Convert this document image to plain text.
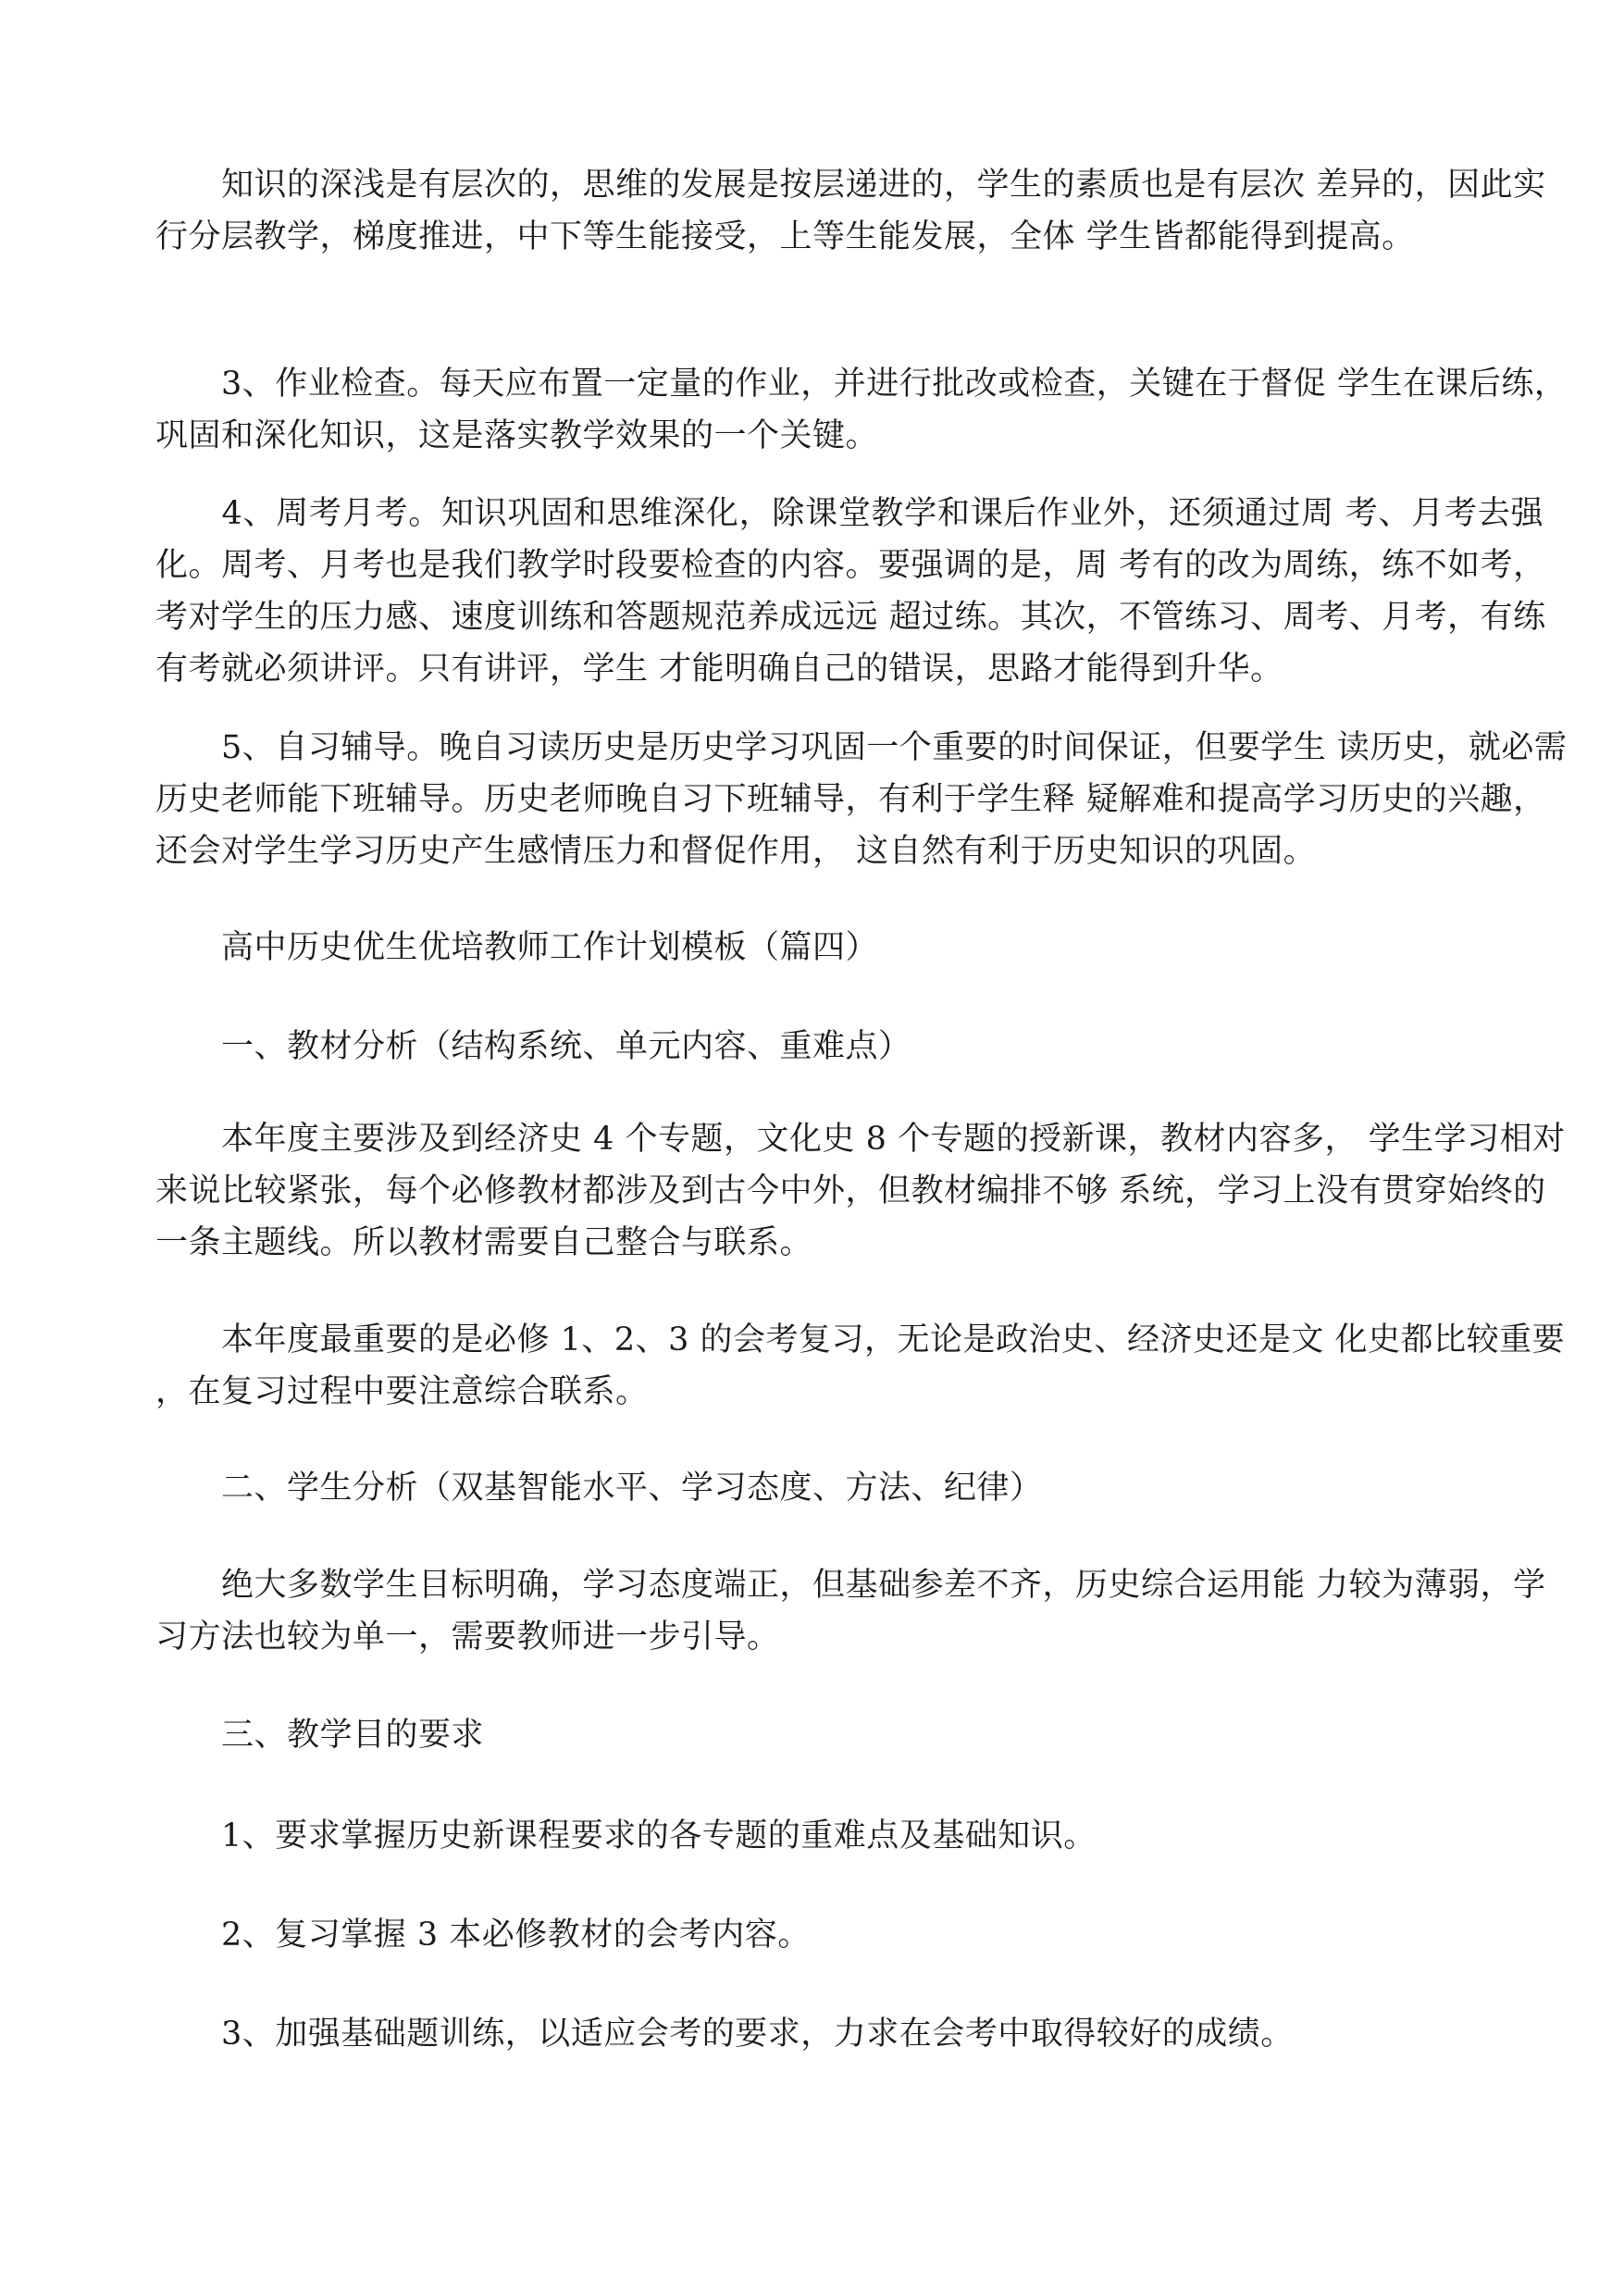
　　知识的深浅是有层次的，思维的发展是按层递进的，学生的素质也是有层次 差异的，因此实
行分层教学，梯度推进，中下等生能接受，上等生能发展，全体 学生皆都能得到提高。
　　3、作业检查。每天应布置一定量的作业，并进行批改或检查，关键在于督促 学生在课后练，
巩固和深化知识，这是落实教学效果的一个关键。
　　4、周考月考。知识巩固和思维深化，除课堂教学和课后作业外，还须通过周 考、月考去强
化。周考、月考也是我们教学时段要检查的内容。要强调的是，周 考有的改为周练，练不如考，
考对学生的压力感、速度训练和答题规范养成远远 超过练。其次，不管练习、周考、月考，有练
有考就必须讲评。只有讲评，学生 才能明确自己的错误，思路才能得到升华。
　　5、自习辅导。晚自习读历史是历史学习巩固一个重要的时间保证，但要学生 读历史，就必需
历史老师能下班辅导。历史老师晚自习下班辅导，有利于学生释 疑解难和提高学习历史的兴趣，
还会对学生学习历史产生感情压力和督促作用， 这自然有利于历史知识的巩固。
　　高中历史优生优培教师工作计划模板（篇四）
　　一、教材分析（结构系统、单元内容、重难点）
　　本年度主要涉及到经济史 4 个专题，文化史 8 个专题的授新课，教材内容多， 学生学习相对
来说比较紧张，每个必修教材都涉及到古今中外，但教材编排不够 系统，学习上没有贯穿始终的
一条主题线。所以教材需要自己整合与联系。
　　本年度最重要的是必修 1、2、3 的会考复习，无论是政治史、经济史还是文 化史都比较重要
，在复习过程中要注意综合联系。
　　二、学生分析（双基智能水平、学习态度、方法、纪律）
　　绝大多数学生目标明确，学习态度端正，但基础参差不齐，历史综合运用能 力较为薄弱，学
习方法也较为单一，需要教师进一步引导。
　　三、教学目的要求
　　1、要求掌握历史新课程要求的各专题的重难点及基础知识。
　　2、复习掌握 3 本必修教材的会考内容。
　　3、加强基础题训练，以适应会考的要求，力求在会考中取得较好的成绩。
